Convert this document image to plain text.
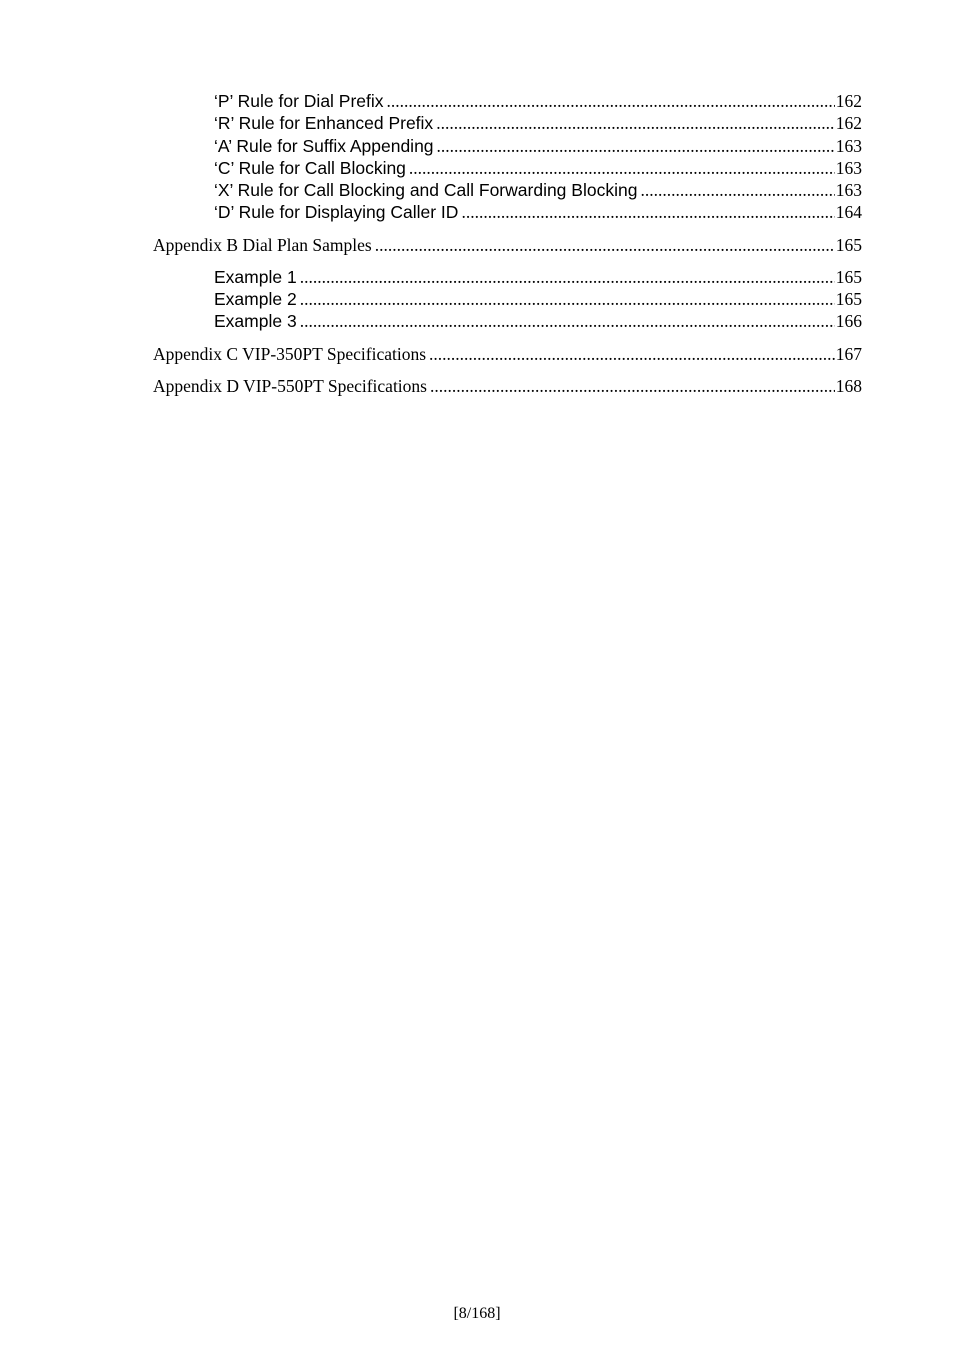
‘P’ Rule for Dial Prefix .....	162
‘R’ Rule for Enhanced Prefix .....	162
‘A’ Rule for Suffix Appending .....	163
‘C’ Rule for Call Blocking .....	163
‘X’ Rule for Call Blocking and Call Forwarding Blocking .....	163
‘D’ Rule for Displaying Caller ID .....	164
Appendix B Dial Plan Samples .....	165
Example 1 .....	165
Example 2 .....	165
Example 3 .....	166
Appendix C VIP-350PT Specifications .....	167
Appendix D VIP-550PT Specifications .....	168
[8/168]
